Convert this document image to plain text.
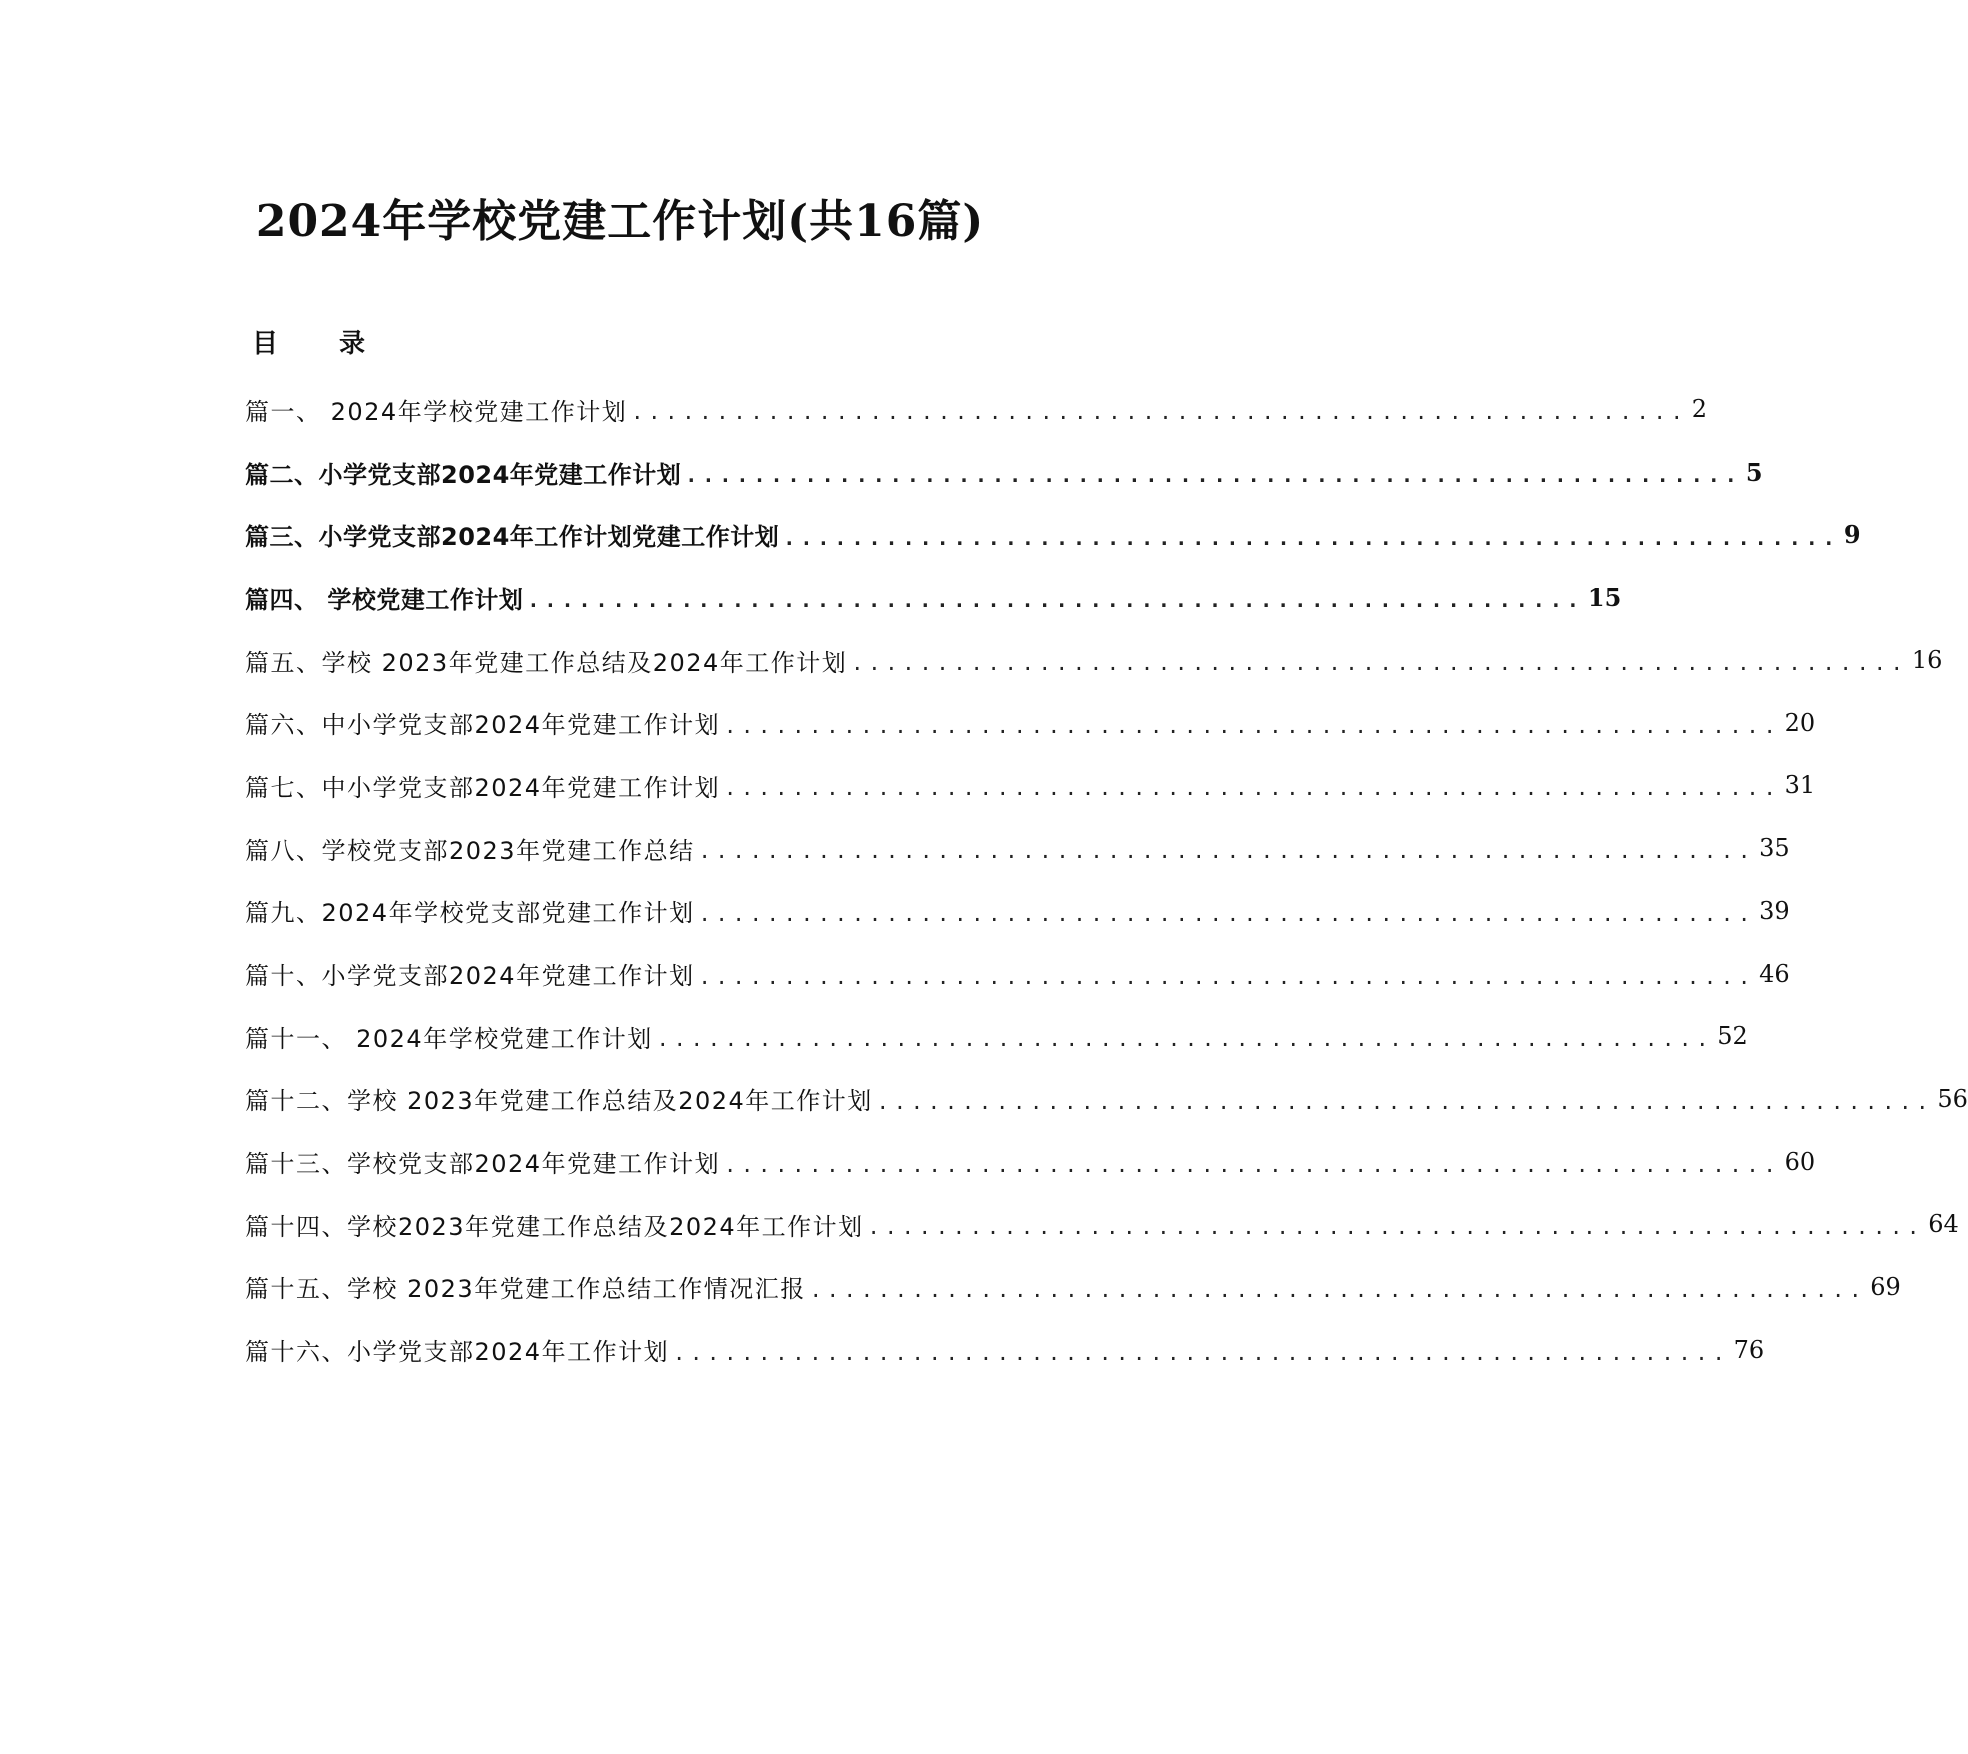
2024年学校党建工作计划(共16篇)
目 录
篇一、 2024年学校党建工作计划 .............................................................. 2
篇二、小学党支部2024年党建工作计划 .............................................................. 5
篇三、小学党支部2024年工作计划党建工作计划 .............................................................. 9
篇四、 学校党建工作计划 .............................................................. 15
篇五、学校 2023年党建工作总结及2024年工作计划 .............................................................. 16
篇六、中小学党支部2024年党建工作计划 .............................................................. 20
篇七、中小学党支部2024年党建工作计划 .............................................................. 31
篇八、学校党支部2023年党建工作总结 .............................................................. 35
篇九、2024年学校党支部党建工作计划 .............................................................. 39
篇十、小学党支部2024年党建工作计划 .............................................................. 46
篇十一、 2024年学校党建工作计划 .............................................................. 52
篇十二、学校 2023年党建工作总结及2024年工作计划 .............................................................. 56
篇十三、学校党支部2024年党建工作计划 .............................................................. 60
篇十四、学校2023年党建工作总结及2024年工作计划 .............................................................. 64
篇十五、学校 2023年党建工作总结工作情况汇报 .............................................................. 69
篇十六、小学党支部2024年工作计划 .............................................................. 76
